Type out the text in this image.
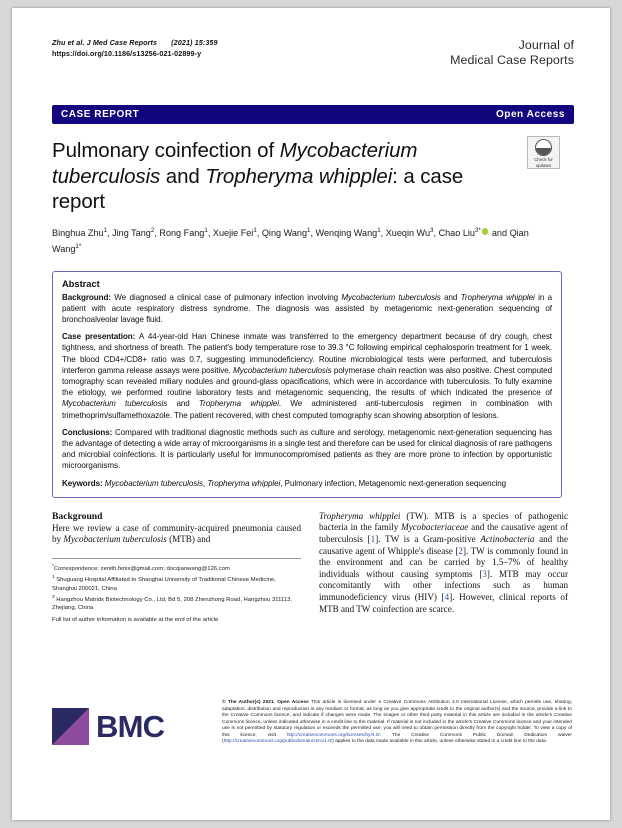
Zhu et al. J Med Case Reports (2021) 15:359
https://doi.org/10.1186/s13256-021-02899-y
Journal of
Medical Case Reports
CASE REPORT	Open Access
Pulmonary coinfection of Mycobacterium tuberculosis and Tropheryma whipplei: a case report
Check for
updates
Binghua Zhu$^1$, Jing Tang$^2$, Rong Fang$^1$, Xuejie Fei$^1$, Qing Wang$^1$, Wenqing Wang$^1$, Xueqin Wu$^3$, Chao Liu$^{3*}$ and Qian Wang$^{1*}$
Abstract

Background: We diagnosed a clinical case of pulmonary infection involving Mycobacterium tuberculosis and Tropheryma whipplei in a patient with acute respiratory distress syndrome. The diagnosis was assisted by metagenomic next-generation sequencing of bronchoalveolar lavage fluid.

Case presentation: A 44-year-old Han Chinese inmate was transferred to the emergency department because of dry cough, chest tightness, and shortness of breath. The patient's body temperature rose to 39.3 °C following empirical cephalosporin treatment for 1 week. The blood CD4+/CD8+ ratio was 0.7, suggesting immunodeficiency. Routine microbiological tests were performed, and tuberculosis interferon gamma release assays were positive. Mycobacterium tuberculosis polymerase chain reaction was also positive. Chest computed tomography scan revealed miliary nodules and ground-glass opacifications, which were in accordance with tuberculosis. To fully examine the etiology, we performed routine laboratory tests and metagenomic sequencing, the results of which indicated the presence of Mycobacterium tuberculosis and Tropheryma whipplei. We administered anti-tuberculosis regimen in combination with trimethoprim/sulfamethoxazole. The patient recovered, with chest computed tomography scan showing absorption of lesions.

Conclusions: Compared with traditional diagnostic methods such as culture and serology, metagenomic next-generation sequencing has the advantage of detecting a wide array of microorganisms in a single test and therefore can be used for clinical diagnosis of rare pathogens and microbial coinfections. It is particularly useful for immunocompromised patients as they are more prone to infection by opportunistic microorganisms.

Keywords: Mycobacterium tuberculosis, Tropheryma whipplei, Pulmonary infection, Metagenomic next-generation sequencing

Background

Here we review a case of community-acquired pneumonia caused by Mycobacterium tuberculosis (MTB) and

*Correspondence: zenith.fenix@gmail.com; docqianwang@126.com
$^1$ Shuguang Hospital Affiliated to Shanghai University of Traditional Chinese Medicine, Shanghai 200021, China
$^3$ Hangzhou Matridx Biotechnology Co., Ltd, Bd 5, 208 Zhenzhong Road, Hangzhou 311113, Zhejiang, China
Full list of author information is available at the end of the article

Tropheryma whipplei (TW). MTB is a species of pathogenic bacteria in the family Mycobacteriaceae and the causative agent of tuberculosis [1]. TW is a Gram-positive Actinobacteria and the causative agent of Whipple's disease [2]. TW is commonly found in the environment and can be carried by 1.5–7% of healthy individuals without causing symptoms [3]. MTB may occur concomitantly with other infections such as human immunodeficiency virus (HIV) [4]. However, clinical reports of MTB and TW coinfection are scarce.

BMC
© The Author(s) 2021. Open Access This article is licensed under a Creative Commons Attribution 4.0 International License, which permits use, sharing, adaptation, distribution and reproduction in any medium or format, as long as you give appropriate credit to the original author(s) and the source, provide a link to the Creative Commons licence, and indicate if changes were made. The images or other third party material in this article are included in the article's Creative Commons licence, unless indicated otherwise in a credit line to the material. If material is not included in the article's Creative Commons licence and your intended use is not permitted by statutory regulation or exceeds the permitted use, you will need to obtain permission directly from the copyright holder. To view a copy of this licence, visit http://creativecommons.org/licenses/by/4.0/. The Creative Commons Public Domain Dedication waiver (http://creativecommons.org/publicdomain/zero/1.0/) applies to the data made available in this article, unless otherwise stated in a credit line to the data.
